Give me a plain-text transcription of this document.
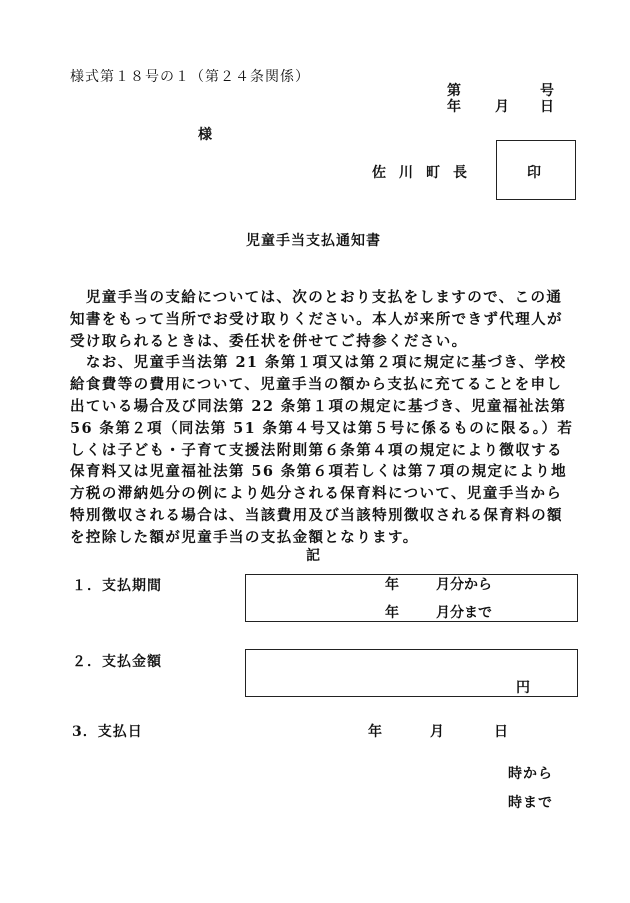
様式第１８号の１（第２４条関係）
第	号
年 月 日
様
佐川町長	印
児童手当支払通知書
　児童手当の支給については、次のとおり支払をしますので、この通
知書をもって当所でお受け取りください。本人が来所できず代理人が
受け取られるときは、委任状を併せてご持参ください。
　なお、児童手当法第 21 条第１項又は第２項に規定に基づき、学校
給食費等の費用について、児童手当の額から支払に充てることを申し
出ている場合及び同法第 22 条第１項の規定に基づき、児童福祉法第
56 条第２項（同法第 51 条第４号又は第５号に係るものに限る。）若
しくは子ども・子育て支援法附則第６条第４項の規定により徴収する
保育料又は児童福祉法第 56 条第６項若しくは第７項の規定により地
方税の滞納処分の例により処分される保育料について、児童手当から
特別徴収される場合は、当該費用及び当該特別徴収される保育料の額
を控除した額が児童手当の支払金額となります。
記
１．支払期間	年	月分から
年	月分まで
２．支払金額
円
3．支払日	年	月	日
時から
時まで
